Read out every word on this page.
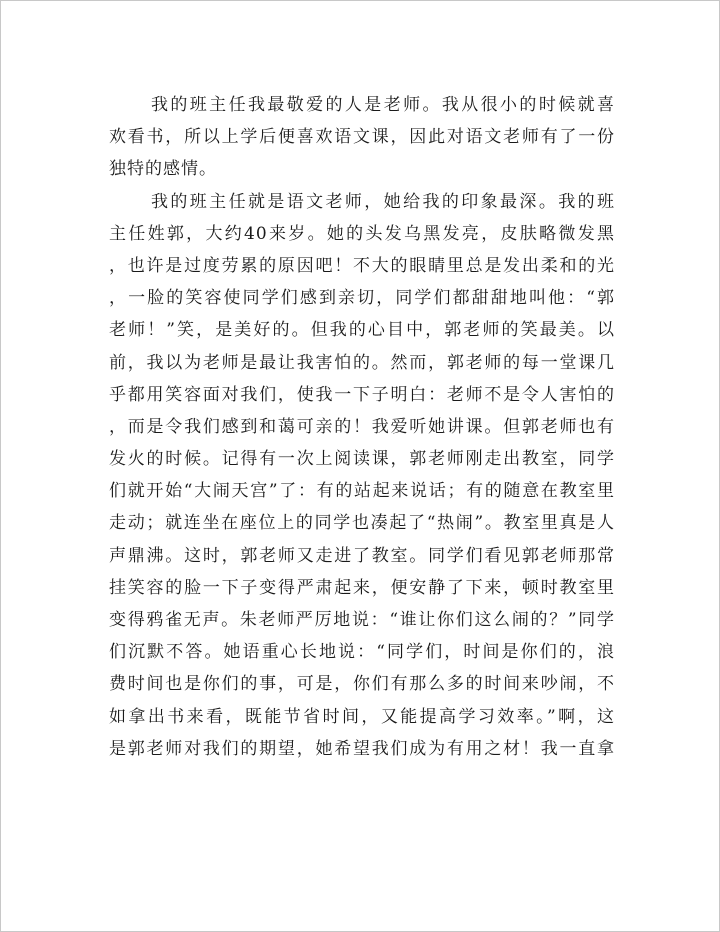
我的班主任我最敬爱的人是老师。我从很小的时候就喜
欢看书，所以上学后便喜欢语文课，因此对语文老师有了一份
独特的感情。
我的班主任就是语文老师，她给我的印象最深。我的班
主任姓郭，大约40来岁。她的头发乌黑发亮，皮肤略微发黑
，也许是过度劳累的原因吧！不大的眼睛里总是发出柔和的光
，一脸的笑容使同学们感到亲切，同学们都甜甜地叫他：“郭
老师！”笑，是美好的。但我的心目中，郭老师的笑最美。以
前，我以为老师是最让我害怕的。然而，郭老师的每一堂课几
乎都用笑容面对我们，使我一下子明白：老师不是令人害怕的
，而是令我们感到和蔼可亲的！我爱听她讲课。但郭老师也有
发火的时候。记得有一次上阅读课，郭老师刚走出教室，同学
们就开始“大闹天宫”了：有的站起来说话；有的随意在教室里
走动；就连坐在座位上的同学也凑起了“热闹”。教室里真是人
声鼎沸。这时，郭老师又走进了教室。同学们看见郭老师那常
挂笑容的脸一下子变得严肃起来，便安静了下来，顿时教室里
变得鸦雀无声。朱老师严厉地说：“谁让你们这么闹的？”同学
们沉默不答。她语重心长地说：“同学们，时间是你们的，浪
费时间也是你们的事，可是，你们有那么多的时间来吵闹，不
如拿出书来看，既能节省时间，又能提高学习效率。”啊，这
是郭老师对我们的期望，她希望我们成为有用之材！我一直拿
